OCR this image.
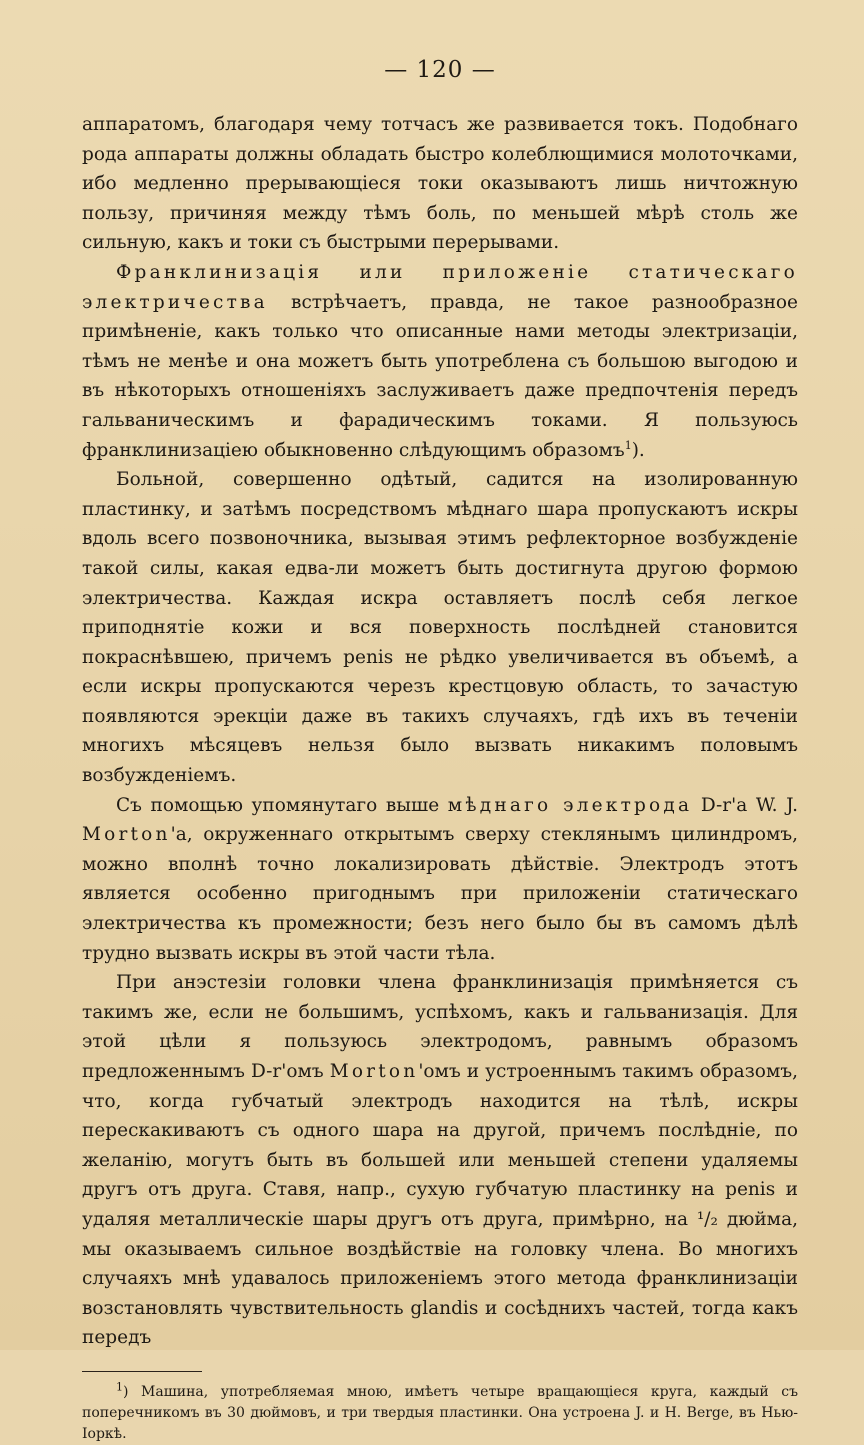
— 120 —

аппаратомъ, благодаря чему тотчасъ же развивается токъ. Подобнаго рода аппараты должны обладать быстро колеблющимися молоточками, ибо медленно прерывающіеся токи оказываютъ лишь ничтожную пользу, причиняя между тѣмъ боль, по меньшей мѣрѣ столь же сильную, какъ и токи съ быстрыми перерывами.

Франклинизація или приложеніе статическаго электричества встрѣчаетъ, правда, не такое разнообразное примѣненіе, какъ только что описанные нами методы электризаціи, тѣмъ не менѣе и она можетъ быть употреблена съ большою выгодою и въ нѣкоторыхъ отношеніяхъ заслуживаетъ даже предпочтенія передъ гальваническимъ и фарадическимъ токами. Я пользуюсь франклинизаціею обыкновенно слѣдующимъ образомъ$^1$).

Больной, совершенно одѣтый, садится на изолированную пластинку, и затѣмъ посредствомъ мѣднаго шара пропускаютъ искры вдоль всего позвоночника, вызывая этимъ рефлекторное возбужденіе такой силы, какая едва-ли можетъ быть достигнута другою формою электричества. Каждая искра оставляетъ послѣ себя легкое приподнятіе кожи и вся поверхность послѣдней становится покраснѣвшею, причемъ penis не рѣдко увеличивается въ объемѣ, а если искры пропускаются черезъ крестцовую область, то зачастую появляются эрекціи даже въ такихъ случаяхъ, гдѣ ихъ въ теченіи многихъ мѣсяцевъ нельзя было вызвать никакимъ половымъ возбужденіемъ.

Съ помощью упомянутаго выше мѣднаго электрода D-r'a W. J. Morton'а, окруженнаго открытымъ сверху стеклянымъ цилиндромъ, можно вполнѣ точно локализировать дѣйствіе. Электродъ этотъ является особенно пригоднымъ при приложеніи статическаго электричества къ промежности; безъ него было бы въ самомъ дѣлѣ трудно вызвать искры въ этой части тѣла.

При анэстезіи головки члена франклинизація примѣняется съ такимъ же, если не большимъ, успѣхомъ, какъ и гальванизація. Для этой цѣли я пользуюсь электродомъ, равнымъ образомъ предложеннымъ D-r'омъ Morton'омъ и устроеннымъ такимъ образомъ, что, когда губчатый электродъ находится на тѣлѣ, искры перескакиваютъ съ одного шара на другой, причемъ послѣдніе, по желанію, могутъ быть въ большей или меньшей степени удаляемы другъ отъ друга. Ставя, напр., сухую губчатую пластинку на penis и удаляя металлическіе шары другъ отъ друга, примѣрно, на ¹/₂ дюйма, мы оказываемъ сильное воздѣйствіе на головку члена. Во многихъ случаяхъ мнѣ удавалось приложеніемъ этого метода франклинизаціи возстановлять чувствительность glandis и сосѣднихъ частей, тогда какъ передъ

$^1$) Машина, употребляемая мною, имѣетъ четыре вращающіеся круга, каждый съ поперечникомъ въ 30 дюймовъ, и три твердыя пластинки. Она устроена J. и H. Berge, въ Нью-Іоркѣ.
